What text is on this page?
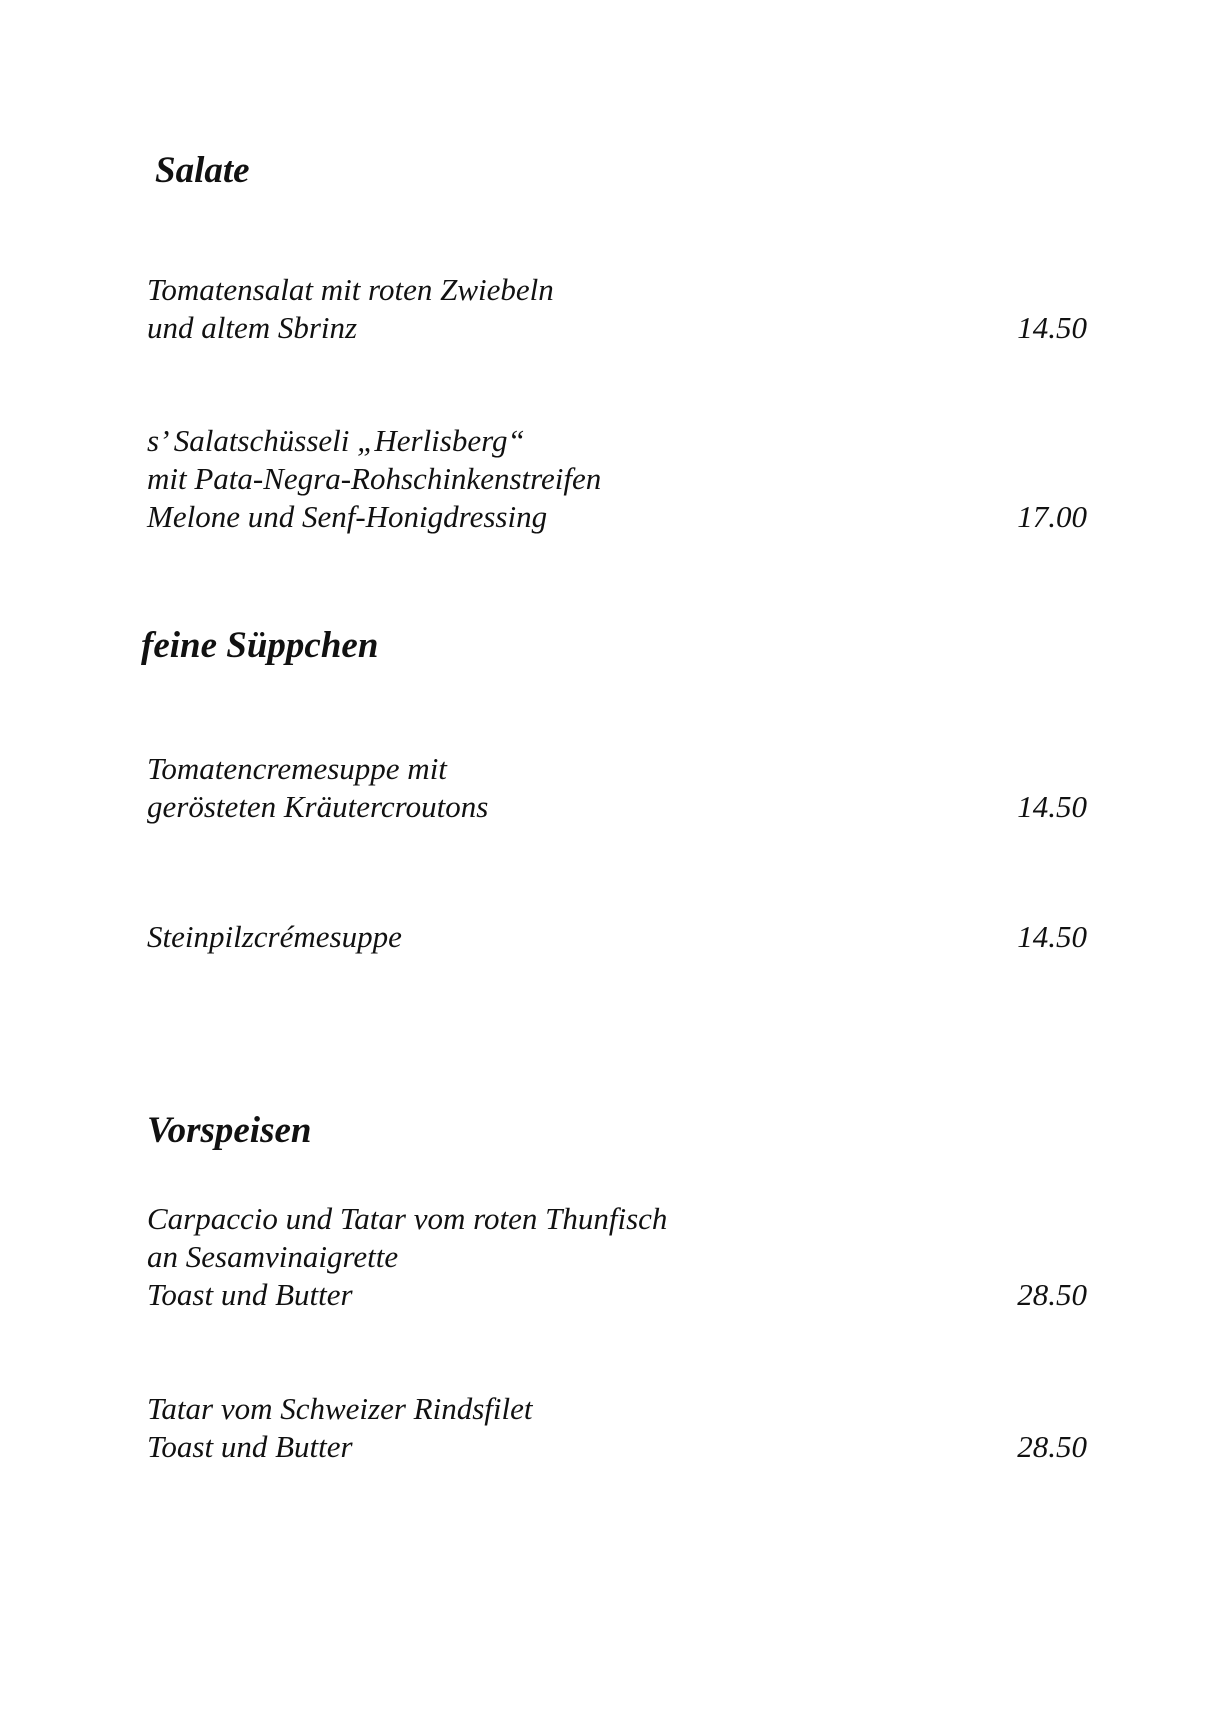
Salate
Tomatensalat mit roten Zwiebeln
und altem Sbrinz	14.50
s’ Salatschüsseli „Herlisberg“
mit Pata-Negra-Rohschinkenstreifen
Melone und Senf-Honigdressing	17.00
feine Süppchen
Tomatencremesuppe mit
gerösteten Kräutercroutons	14.50
Steinpilzcrémesuppe	14.50
Vorspeisen
Carpaccio und Tatar vom roten Thunfisch
an Sesamvinaigrette
Toast und Butter	28.50
Tatar vom Schweizer Rindsfilet
Toast und Butter	28.50
